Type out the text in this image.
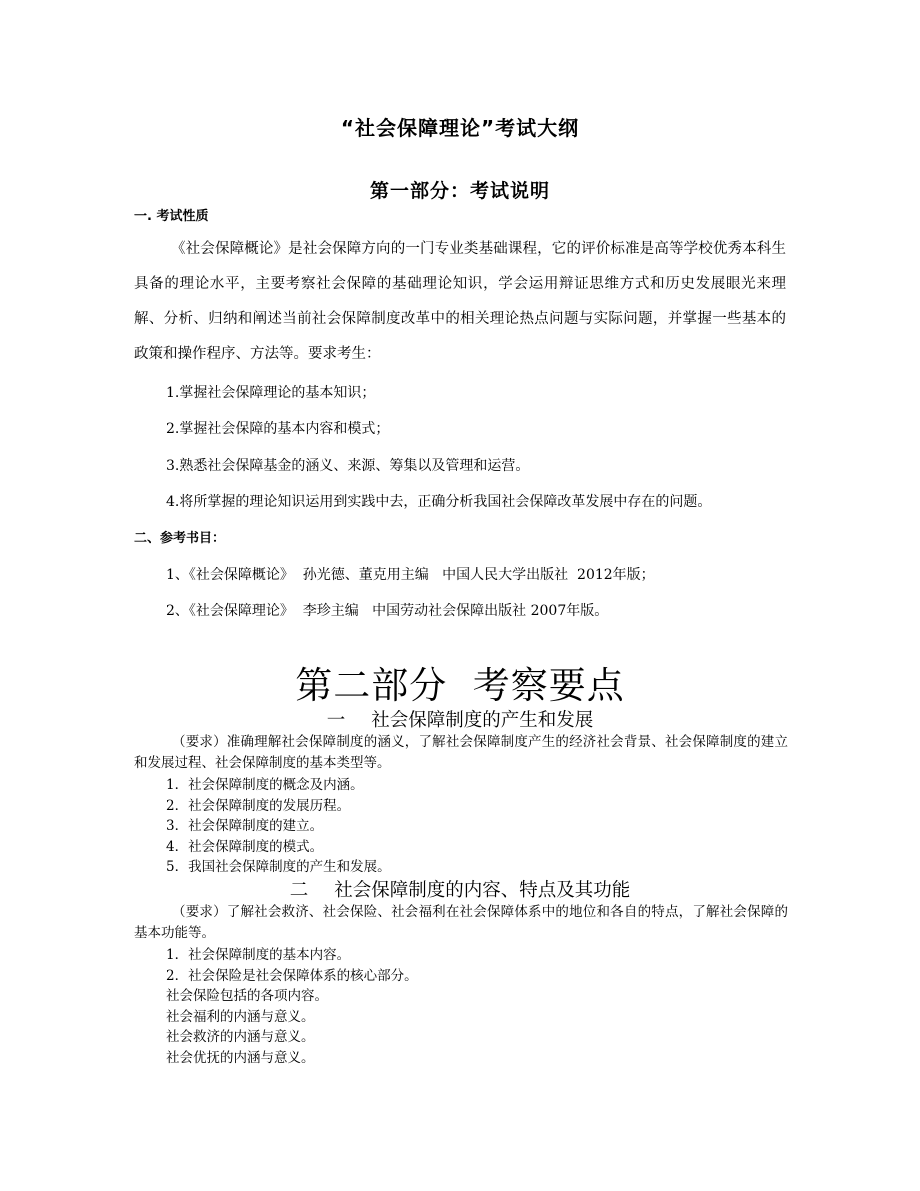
“社会保障理论”考试大纲
第一部分：考试说明
一. 考试性质
《社会保障概论》是社会保障方向的一门专业类基础课程，它的评价标准是高等学校优秀本科生具备的理论水平，主要考察社会保障的基础理论知识，学会运用辩证思维方式和历史发展眼光来理解、分析、归纳和阐述当前社会保障制度改革中的相关理论热点问题与实际问题，并掌握一些基本的政策和操作程序、方法等。要求考生：
1.掌握社会保障理论的基本知识；
2.掌握社会保障的基本内容和模式；
3.熟悉社会保障基金的涵义、来源、筹集以及管理和运营。
4.将所掌握的理论知识运用到实践中去，正确分析我国社会保障改革发展中存在的问题。
二、参考书目：
1、《社会保障概论》  孙光德、董克用主编   中国人民大学出版社  2012年版；
2、《社会保障理论》  李珍主编   中国劳动社会保障出版社 2007年版。
第二部分  考察要点
一 社会保障制度的产生和发展
（要求）准确理解社会保障制度的涵义，了解社会保障制度产生的经济社会背景、社会保障制度的建立和发展过程、社会保障制度的基本类型等。
1．社会保障制度的概念及内涵。
2．社会保障制度的发展历程。
3．社会保障制度的建立。
4．社会保障制度的模式。
5．我国社会保障制度的产生和发展。
二 社会保障制度的内容、特点及其功能
（要求）了解社会救济、社会保险、社会福利在社会保障体系中的地位和各自的特点，了解社会保障的基本功能等。
1．社会保障制度的基本内容。
2．社会保险是社会保障体系的核心部分。
社会保险包括的各项内容。
社会福利的内涵与意义。
社会救济的内涵与意义。
社会优抚的内涵与意义。
